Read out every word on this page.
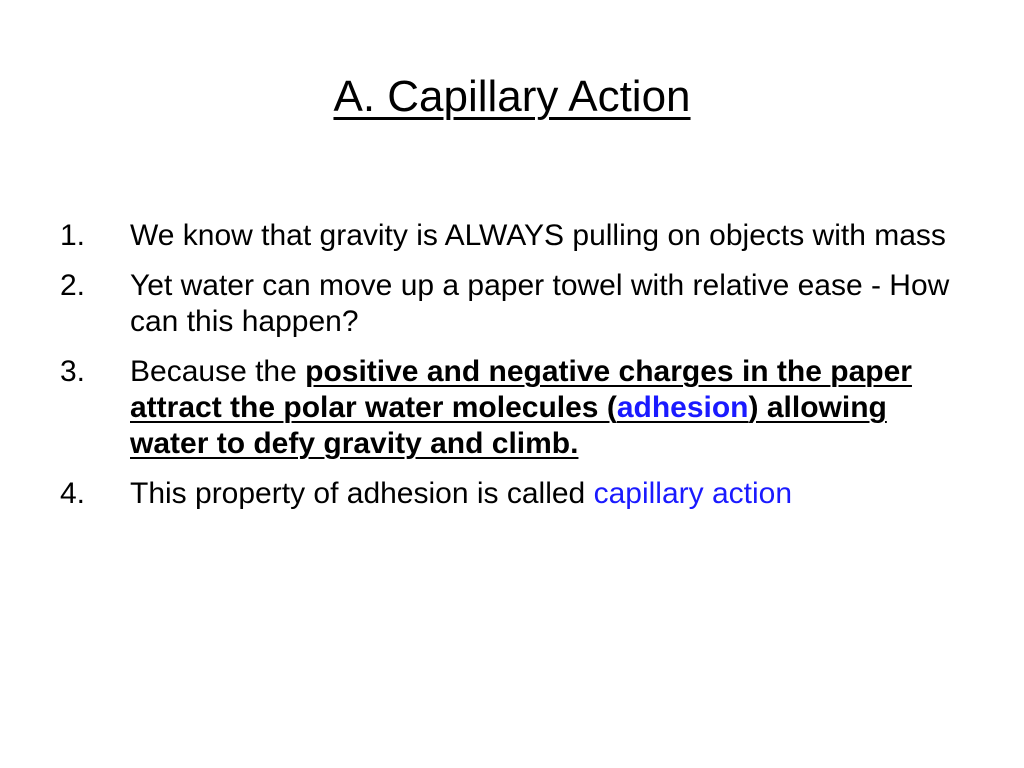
A. Capillary Action
1. We know that gravity is ALWAYS pulling on objects with mass
2. Yet water can move up a paper towel with relative ease - How can this happen?
3. Because the positive and negative charges in the paper attract the polar water molecules (adhesion) allowing water to defy gravity and climb.
4. This property of adhesion is called capillary action
